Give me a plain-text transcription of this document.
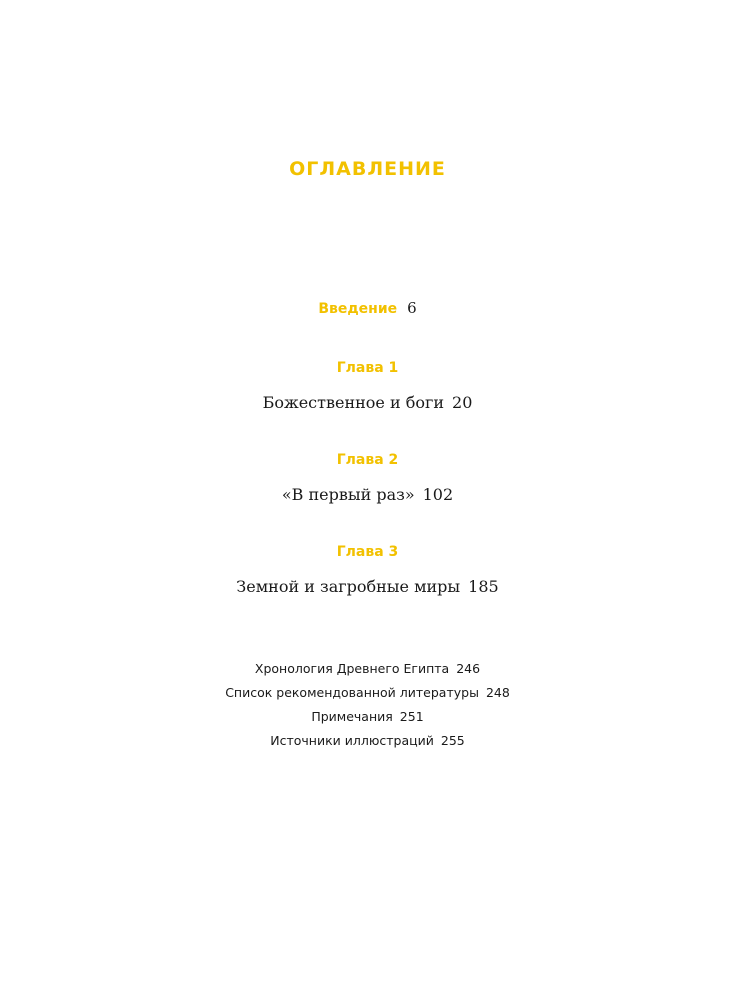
ОГЛАВЛЕНИЕ
Введение 6
Глава 1
Божественное и боги 20
Глава 2
«В первый раз» 102
Глава 3
Земной и загробные миры 185
Хронология Древнего Египта 246
Список рекомендованной литературы 248
Примечания 251
Источники иллюстраций 255
